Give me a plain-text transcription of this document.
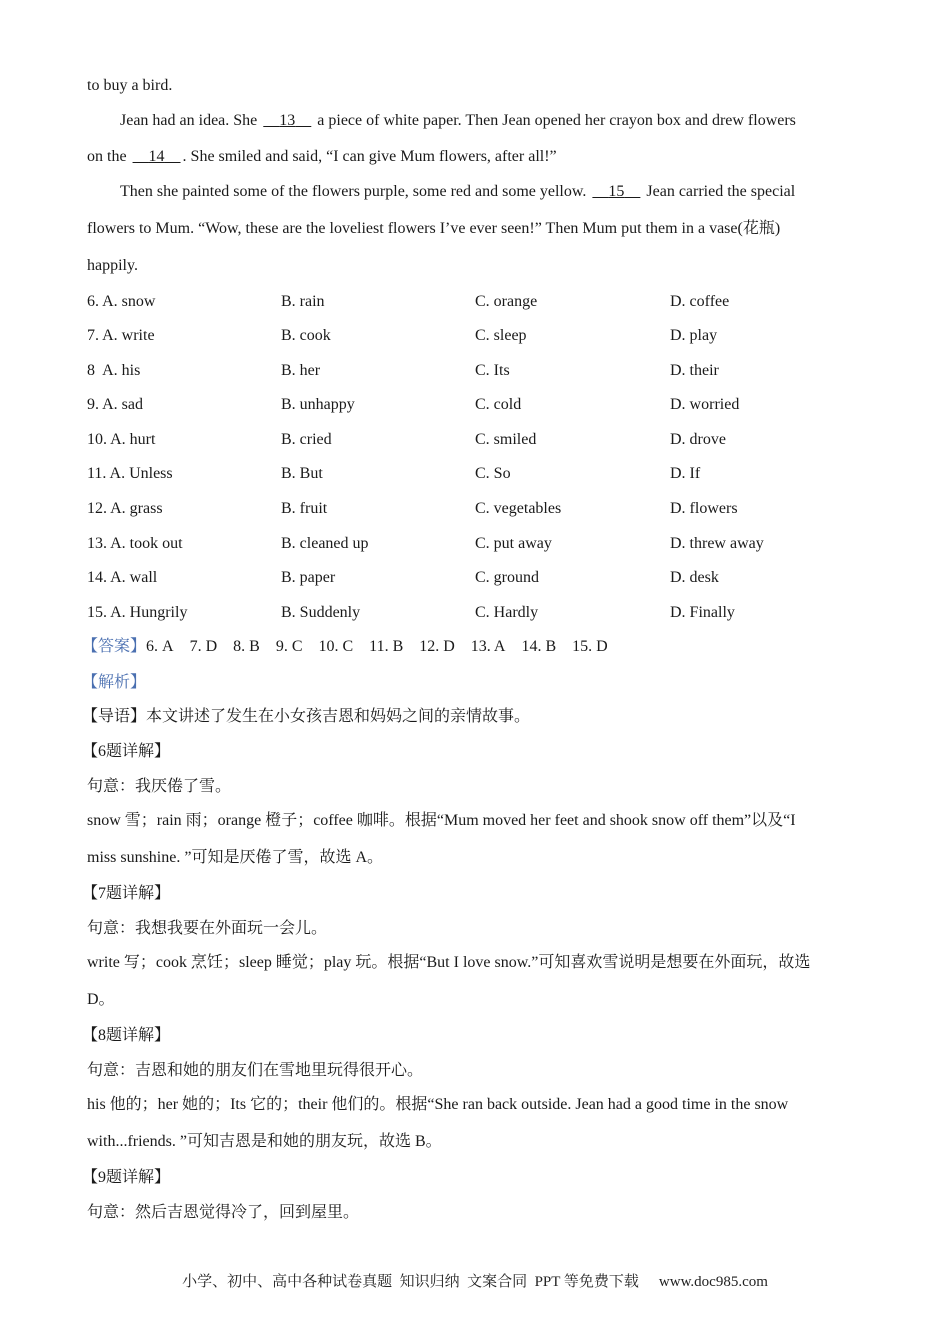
to buy a bird.
Jean had an idea. She  13  a piece of white paper. Then Jean opened her crayon box and drew flowers
on the  14  . She smiled and said, “I can give Mum flowers, after all!”
Then she painted some of the flowers purple, some red and some yellow.  15  Jean carried the special
flowers to Mum. “Wow, these are the loveliest flowers I’ve ever seen!” Then Mum put them in a vase(花瓶)
happily.
6. A. snow	B. rain	C. orange	D. coffee
7. A. write	B. cook	C. sleep	D. play
8  A. his	B. her	C. Its	D. their
9. A. sad	B. unhappy	C. cold	D. worried
10. A. hurt	B. cried	C. smiled	D. drove
11. A. Unless	B. But	C. So	D. If
12. A. grass	B. fruit	C. vegetables	D. flowers
13. A. took out	B. cleaned up	C. put away	D. threw away
14. A. wall	B. paper	C. ground	D. desk
15. A. Hungrily	B. Suddenly	C. Hardly	D. Finally
【答案】6. A 7. D 8. B 9. C 10. C 11. B 12. D 13. A 14. B 15. D
【解析】
【导语】本文讲述了发生在小女孩吉恩和妈妈之间的亲情故事。
【6题详解】
句意：我厌倦了雪。
snow 雪；rain 雨；orange 橙子；coffee 咖啡。根据“Mum moved her feet and shook snow off them”以及“I
miss sunshine. ”可知是厌倦了雪，故选 A。
【7题详解】
句意：我想我要在外面玩一会儿。
write 写；cook 烹饪；sleep 睡觉；play 玩。根据“But I love snow.”可知喜欢雪说明是想要在外面玩，故选
D。
【8题详解】
句意：吉恩和她的朋友们在雪地里玩得很开心。
his 他的；her 她的；Its 它的；their 他们的。根据“She ran back outside. Jean had a good time in the snow
with...friends. ”可知吉恩是和她的朋友玩，故选 B。
【9题详解】
句意：然后吉恩觉得冷了，回到屋里。
小学、初中、高中各种试卷真题  知识归纳  文案合同  PPT 等免费下载 www.doc985.com
